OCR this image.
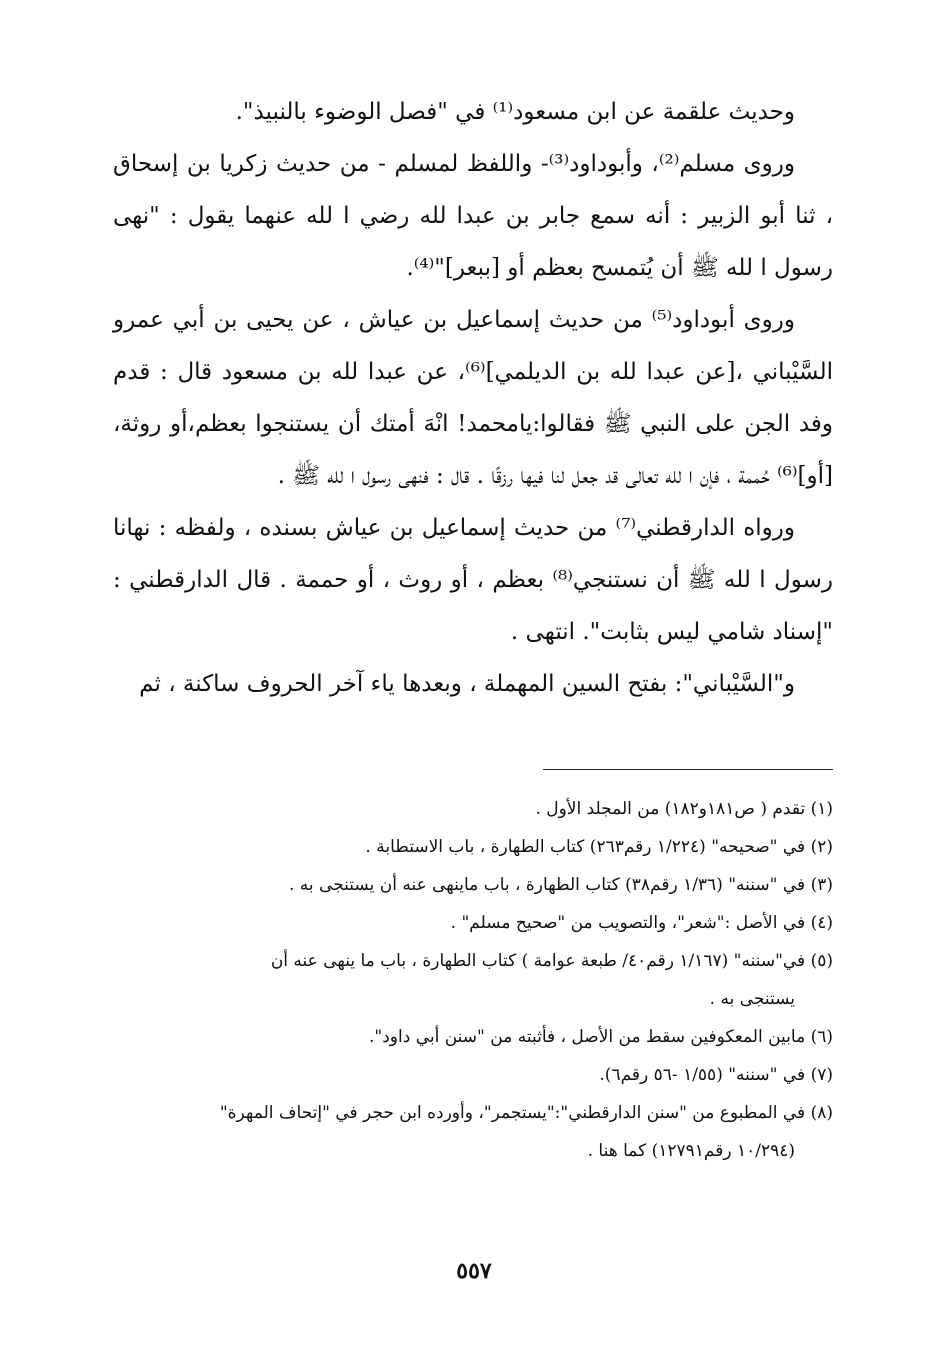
وحديث علقمة عن ابن مسعود⁽¹⁾ في "فصل الوضوء بالنبيذ".

وروى مسلم⁽²⁾، وأبوداود⁽³⁾- واللفظ لمسلم - من حديث زكريا بن إسحاق ، ثنا أبو الزبير : أنه سمع جابر بن عبدا لله رضي ا لله عنهما يقول : "نهى رسول ا لله ﷺ أن يُتمسح بعظم أو [ببعر]"⁽⁴⁾.

وروى أبوداود⁽⁵⁾ من حديث إسماعيل بن عياش ، عن يحيى بن أبي عمرو السَّيْباني ،[عن عبدا لله بن الديلمي]⁽⁶⁾، عن عبدا لله بن مسعود قال : قدم وفد الجن على النبي ﷺ فقالوا:يامحمد! انْهَ أمتك أن يستنجوا بعظم،أو روثة،[أو]⁽⁶⁾ حُممة ، فإن ا لله تعالى قد جعل لنا فيها رزقًا . قال : فنهى رسول ا لله ﷺ .

ورواه الدارقطني⁽⁷⁾ من حديث إسماعيل بن عياش بسنده ، ولفظه : نهانا رسول ا لله ﷺ أن نستنجي⁽⁸⁾ بعظم ، أو روث ، أو حممة . قال الدارقطني : "إسناد شامي ليس بثابت". انتهى .

و"السَّيْباني": بفتح السين المهملة ، وبعدها ياء آخر الحروف ساكنة ، ثم

(١) تقدم ( ص١٨١و١٨٢) من المجلد الأول .

(٢) في "صحيحه" (١/٢٢٤ رقم٢٦٣) كتاب الطهارة ، باب الاستطابة .

(٣) في "سننه" (١/٣٦ رقم٣٨) كتاب الطهارة ، باب ماينهى عنه أن يستنجى به .

(٤) في الأصل :"شعر"، والتصويب من "صحيح مسلم" .

(٥) في"سننه" (١/١٦٧ رقم٤٠/ طبعة عوامة ) كتاب الطهارة ، باب ما ينهى عنه أن
يستنجى به .

(٦) مابين المعكوفين سقط من الأصل ، فأثبته من "سنن أبي داود".

(٧) في "سننه" (١/٥٥ -٥٦ رقم٦).

(٨) في المطبوع من "سنن الدارقطني":"يستجمر"، وأورده ابن حجر في "إتحاف المهرة"
(١٠/٢٩٤ رقم١٢٧٩١) كما هنا .

٥٥٧
